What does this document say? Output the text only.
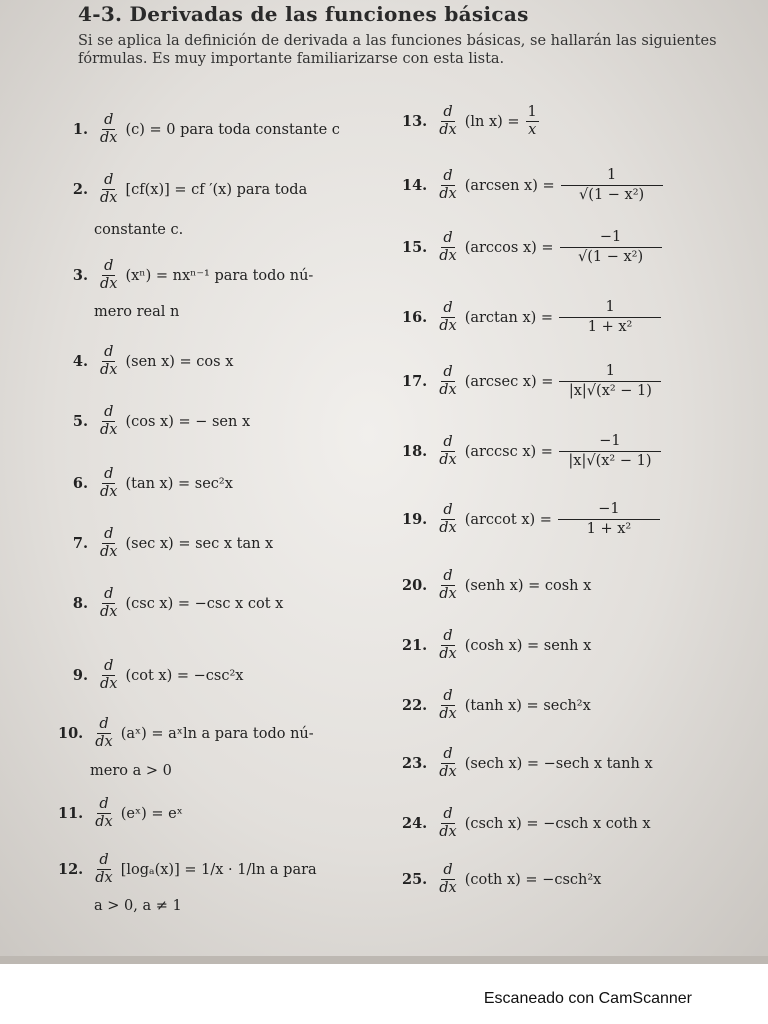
4-3. Derivadas de las funciones básicas
Si se aplica la definición de derivada a las funciones básicas, se hallarán las siguientes fórmulas. Es muy importante familiarizarse con esta lista.
1. $\frac{d}{dx} (c) = 0$ para toda constante c
2. $\frac{d}{dx} [cf(x)]$ = cf ′(x) para toda
constante c.
3. $\frac{d}{dx} (x^n) = nx^{n-1}$ para todo nú-
mero real n
4. $\frac{d}{dx} (sen$ x) = cos x
5. $\frac{d}{dx} (\cos$ x) = − sen x
6. $\frac{d}{dx} (\tan$ x) = sec²x
7. $\frac{d}{dx} (\sec$ x) = sec x tan x
8. $\frac{d}{dx} (\csc$ x) = −csc x cot x
9. $\frac{d}{dx} (\cot$ x) = −csc²x
10. $\frac{d}{dx}$ (aˣ) = aˣln a para todo nú-
mero a > 0
11. $\frac{d}{dx}$ (eˣ) = eˣ
12. $\frac{d}{dx} [\log_a(x)] = 1/x \cdot 1/\ln$ a para
a > 0, a ≠ 1
13. $\frac{d}{dx} (\ln$ $x) = \frac{1}{x}$
14. $\frac{d}{dx}$ (arcsen $x) = \frac{1}{\text{√(1 − x²)}}$
15. $\frac{d}{dx} (\arccos$ $x) = \frac{-1}{\text{√(1 − x²)}}$
16. $\frac{d}{dx} (\arctan$ $x) = \frac{1}{\text{1 + x²}}$
17. $\frac{d}{dx} (arcsec$ $x) = \frac{1}{\text{|x|√(x² − 1)}}$
18. $\frac{d}{dx} (arccsc$ $x) = \frac{-1}{\text{|x|√(x² − 1)}}$
19. $\frac{d}{dx} (arccot$ $x) = \frac{-1}{\text{1 + x²}}$
20. $\frac{d}{dx}$ (senh x) = cosh x
21. $\frac{d}{dx} (\cosh$ x) = senh x
22. $\frac{d}{dx} (\tanh$ x) = sech²x
23. $\frac{d}{dx} (\sec h$ x) = −sech x tanh x
24. $\frac{d}{dx} (\csc h$ x) = −csch x coth x
25. $\frac{d}{dx} (\cot h$ x) = −csch²x
Escaneado con CamScanner
